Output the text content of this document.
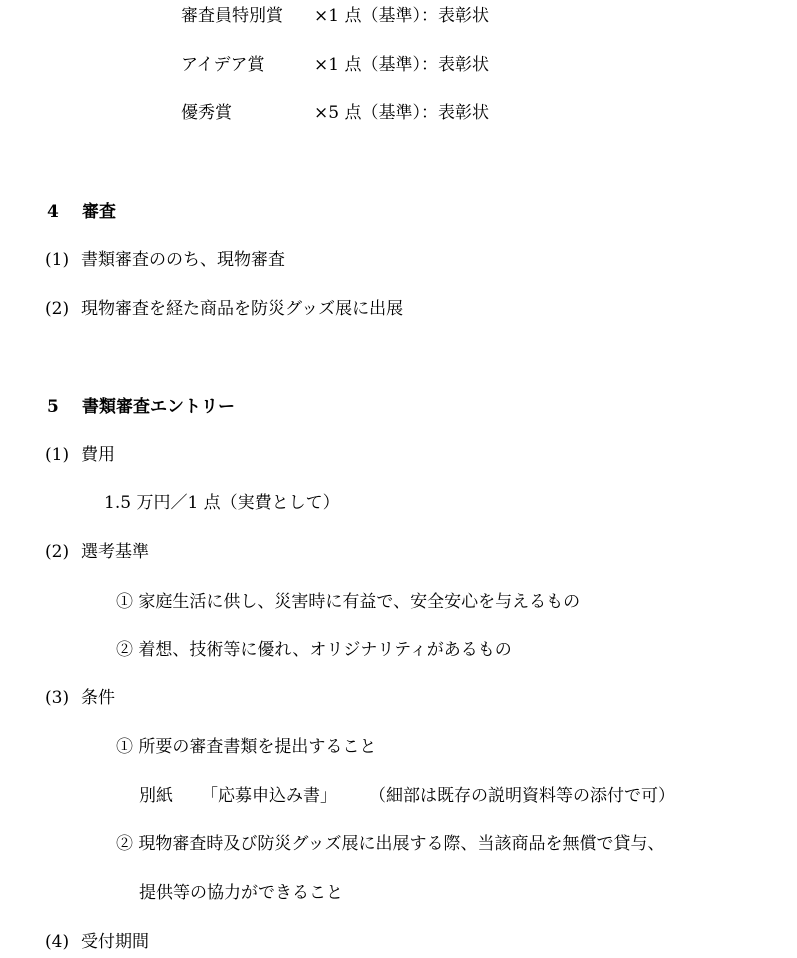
審査員特別賞 ×1 点（基準）：表彰状
アイデア賞	×1 点（基準）：表彰状
優秀賞	×5 点（基準）：表彰状
4 審査
(1) 書類審査ののち、現物審査
(2) 現物審査を経た商品を防災グッズ展に出展
5 書類審査エントリー
(1) 費用
1.5 万円／1 点（実費として）
(2) 選考基準
① 家庭生活に供し、災害時に有益で、安全安心を与えるもの
② 着想、技術等に優れ、オリジナリティがあるもの
(3) 条件
① 所要の審査書類を提出すること
別紙 「応募申込み書」 （細部は既存の説明資料等の添付で可）
② 現物審査時及び防災グッズ展に出展する際、当該商品を無償で貸与、
提供等の協力ができること
(4) 受付期間
